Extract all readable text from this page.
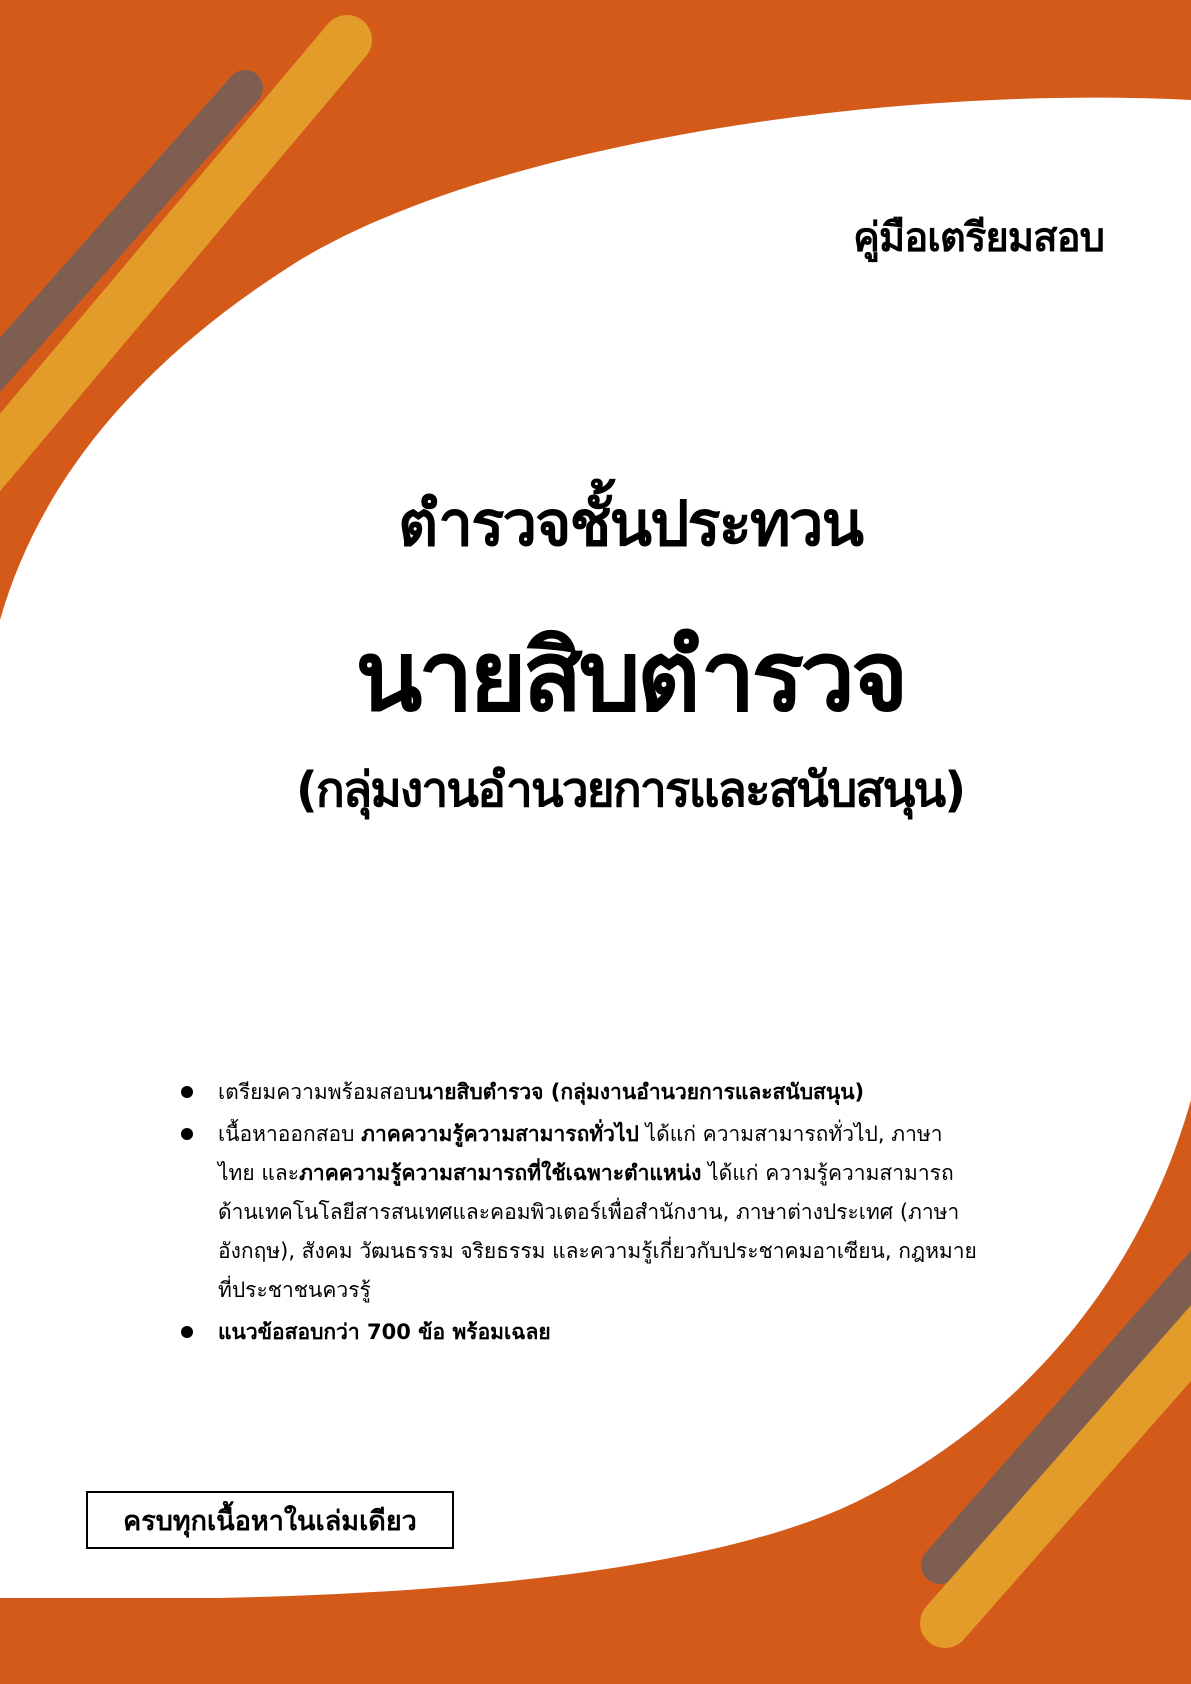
คู่มือเตรียมสอบ
ตำรวจชั้นประทวน
นายสิบตำรวจ
(กลุ่มงานอำนวยการและสนับสนุน)
เตรียมความพร้อมสอบนายสิบตำรวจ (กลุ่มงานอำนวยการและสนับสนุน)
เนื้อหาออกสอบ ภาคความรู้ความสามารถทั่วไป ได้แก่ ความสามารถทั่วไป, ภาษาไทย และภาคความรู้ความสามารถที่ใช้เฉพาะตำแหน่ง ได้แก่ ความรู้ความสามารถด้านเทคโนโลยีสารสนเทศและคอมพิวเตอร์เพื่อสำนักงาน, ภาษาต่างประเทศ (ภาษาอังกฤษ), สังคม วัฒนธรรม จริยธรรม และความรู้เกี่ยวกับประชาคมอาเซียน, กฎหมายที่ประชาชนควรรู้
แนวข้อสอบกว่า 700 ข้อ พร้อมเฉลย
ครบทุกเนื้อหาในเล่มเดียว
